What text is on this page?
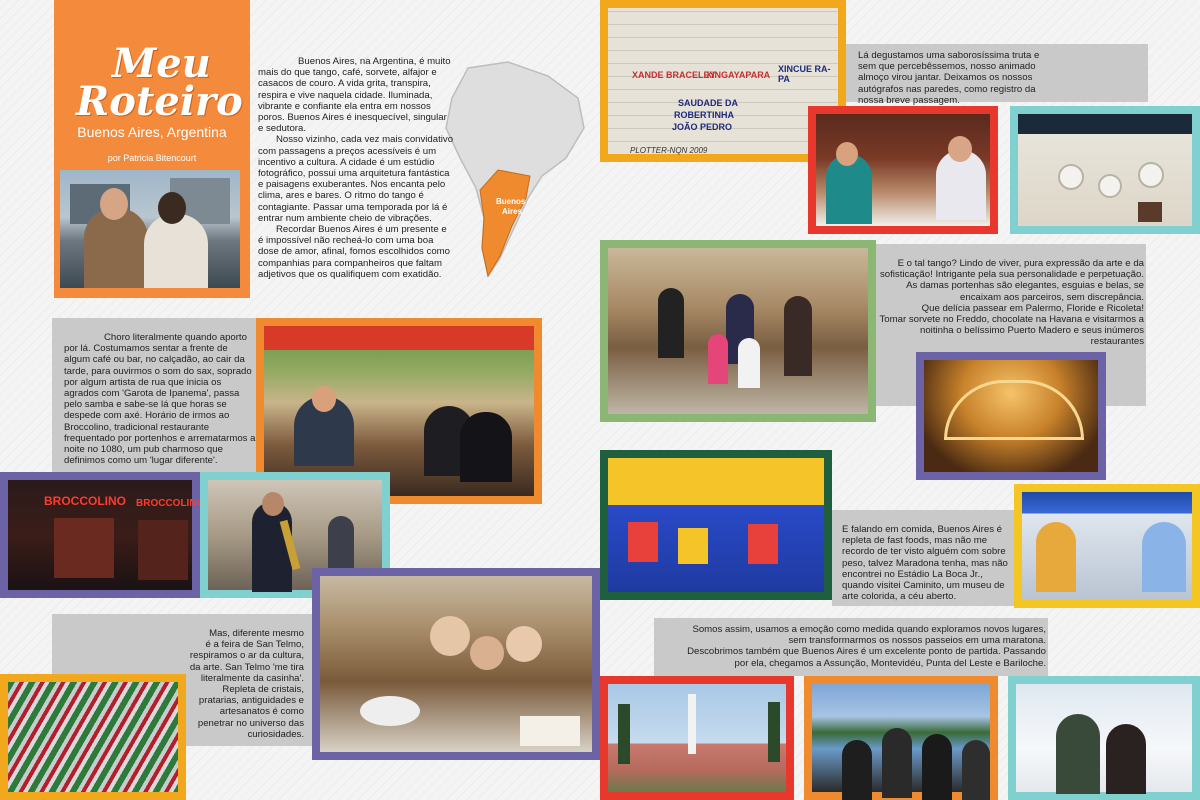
Meu
Roteiro
Buenos Aires, Argentina
por Patricia Bitencourt
Buenos
Aires

Buenos Aires, na Argentina, é muito mais do que tango, café, sorvete, alfajor e casacos de couro. A vida grita, transpira, respira e vive naquela cidade. Iluminada, vibrante e confiante ela entra em nossos poros. Buenos Aires é inesquecível, singular e sedutora.

Nosso vizinho, cada vez mais convidativo com passagens a preços acessíveis é um incentivo a cultura. A cidade é um estúdio fotográfico, possui uma arquitetura fantástica e paisagens exuberantes. Nos encanta pelo clima, ares e bares. O ritmo do tango é contagiante. Passar uma temporada por lá é entrar num ambiente cheio de vibrações.

Recordar Buenos Aires é um presente e é impossível não recheá-lo com uma boa dose de amor, afinal, fomos escolhidos como companhias para companheiros que faltam adjetivos que os qualifiquem com exatidão.

Choro literalmente quando aporto por lá. Costumamos sentar a frente de algum café ou bar, no calçadão, ao cair da tarde, para ouvirmos o som do sax, soprado por algum artista de rua que inicia os agrados com 'Garota de Ipanema', passa pelo samba e sabe-se lá que horas se despede com axé. Horário de irmos ao Broccolino, tradicional restaurante frequentado por portenhos e arrematarmos a noite no 1080, um pub charmoso que definimos como um 'lugar diferente'.

BROCCOLINO BROCCOLINO

Mas, diferente mesmo é a feira de San Telmo, respiramos o ar da cultura, da arte. San Telmo 'me tira literalmente da casinha'. Repleta de cristais, pratarias, antiguidades e artesanatos é como penetrar no universo das curiosidades.

XANDE BRACELEY
XINGAYAPARA
XINCUE RA-PA
SAUDADE DA
ROBERTINHA
JOÃO PEDRO
PLOTTER-NQN 2009

Lá degustamos uma saborosíssima truta e sem que percebêssemos, nosso animado almoço virou jantar. Deixamos os nossos autógrafos nas paredes, como registro da nossa breve passagem.

E o tal tango? Lindo de viver, pura expressão da arte e da sofisticação! Intrigante pela sua personalidade e perpetuação. As damas portenhas são elegantes, esguias e belas, se encaixam aos parceiros, sem discrepância.

Que delícia passear em Palermo, Floride e Ricoleta! Tomar sorvete no Freddo, chocolate na Havana e visitarmos a noitinha o belíssimo Puerto Madero e seus inúmeros restaurantes

E falando em comida, Buenos Aires é repleta de fast foods, mas não me recordo de ter visto alguém com sobre peso, talvez Maradona tenha, mas não encontrei no Estádio La Boca Jr., quando visitei Caminito, um museu de arte colorida, a céu aberto.

Somos assim, usamos a emoção como medida quando exploramos novos lugares, sem transformarmos os nossos passeios em uma maratona.

Descobrimos também que Buenos Aires é um excelente ponto de partida. Passando por ela, chegamos a Assunção, Montevidéu, Punta del Leste e Bariloche.
